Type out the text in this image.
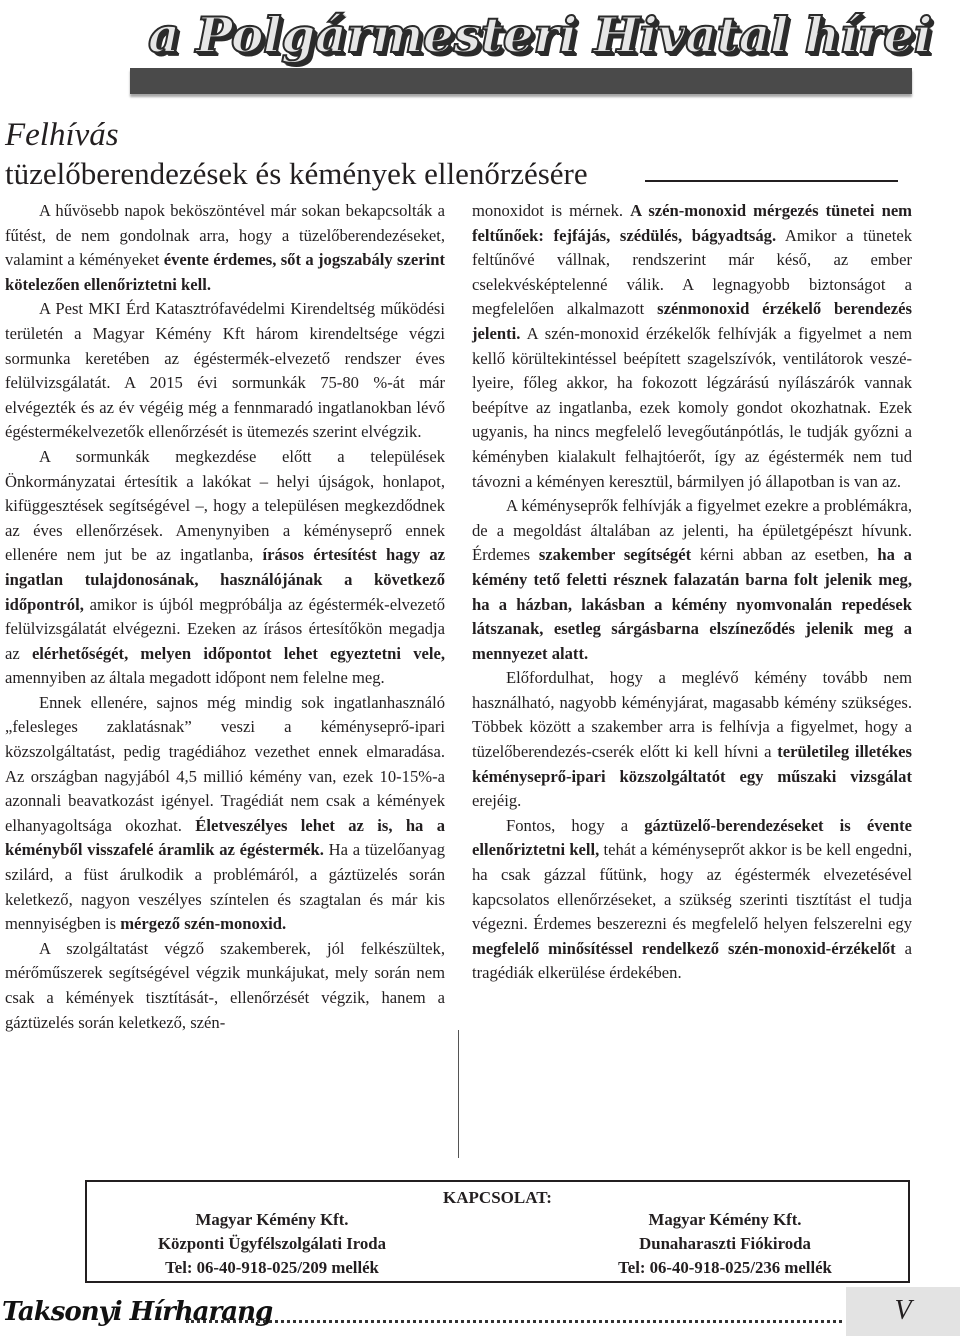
a Polgármesteri Hivatal hírei
Felhívás
tüzelőberendezések és kémények ellenőrzésére

A hűvösebb napok beköszöntével már sokan bekapcsolták a fűtést, de nem gondolnak arra, hogy a tüzelőberendezéseket, valamint a kéményeket évente érdemes, sőt a jogszabály szerint kötelezően ellenőriztetni kell.

A Pest MKI Érd Katasztrófavédelmi Kirendeltség működési területén a Magyar Kémény Kft három kirendeltsége végzi sormunka keretében az égéstermék-elvezető rendszer éves felülvizsgálatát. A 2015 évi sormunkák 75-80 %-át már elvégezték és az év végéig még a fennmaradó ingatlanokban lévő égéstermékelvezetők ellenőrzését is ütemezés szerint elvégzik.

A sormunkák megkezdése előtt a települések Önkormányzatai értesítik a lakókat – helyi újságok, honlapot, kifüggesztések segítségével –, hogy a településen megkezdődnek az éves ellenőrzések. Amenynyiben a kéményseprő ennek ellenére nem jut be az ingatlanba, írásos értesítést hagy az ingatlan tulajdonosának, használójának a következő időpontról, amikor is újból megpróbálja az égéstermék-elvezető felülvizsgálatát elvégezni. Ezeken az írásos értesítőkön megadja az elérhetőségét, melyen időpontot lehet egyeztetni vele, amennyiben az általa megadott időpont nem felelne meg.

Ennek ellenére, sajnos még mindig sok ingatlanhasználó „felesleges zaklatásnak” veszi a kéményseprő-ipari közszolgáltatást, pedig tragédiához vezethet ennek elmaradása. Az országban nagyjából 4,5 millió kémény van, ezek 10-15%-a azonnali beavatkozást igényel. Tragédiát nem csak a kémények elhanyagoltsága okozhat. Életveszélyes lehet az is, ha a kéményből visszafelé áramlik az égéstermék. Ha a tüzelőanyag szilárd, a füst árulkodik a problémáról, a gáztüzelés során keletkező, nagyon veszélyes színtelen és szagtalan és már kis mennyiségben is mérgező szén-monoxid.

A szolgáltatást végző szakemberek, jól felkészültek, mérőműszerek segítségével végzik munkájukat, mely során nem csak a kémények tisztítását-, ellenőrzését végzik, hanem a gáztüzelés során keletkező, szén-

monoxidot is mérnek. A szén-monoxid mérgezés tünetei nem feltűnőek: fejfájás, szédülés, bágyadtság. Amikor a tünetek feltűnővé vállnak, rendszerint már késő, az ember cselekvésképtelenné válik. A legnagyobb biztonságot a megfelelően alkalmazott szénmonoxid érzékelő berendezés jelenti. A szén-monoxid érzékelők felhívják a figyelmet a nem kellő körültekintéssel beépített szagelszívók, ventilátorok veszélyeire, főleg akkor, ha fokozott légzárású nyílászárók vannak beépítve az ingatlanba, ezek komoly gondot okozhatnak. Ezek ugyanis, ha nincs megfelelő levegőutánpótlás, le tudják győzni a kéményben kialakult felhajtóerőt, így az égéstermék nem tud távozni a kéményen keresztül, bármilyen jó állapotban is van az.

A kéményseprők felhívják a figyelmet ezekre a problémákra, de a megoldást általában az jelenti, ha épületgépészt hívunk. Érdemes szakember segítségét kérni abban az esetben, ha a kémény tető feletti résznek falazatán barna folt jelenik meg, ha a házban, lakásban a kémény nyomvonalán repedések látszanak, esetleg sárgásbarna elszíneződés jelenik meg a mennyezet alatt.

Előfordulhat, hogy a meglévő kémény tovább nem használható, nagyobb kéményjárat, magasabb kémény szükséges. Többek között a szakember arra is felhívja a figyelmet, hogy a tüzelőberendezés-cserék előtt ki kell hívni a területileg illetékes kéményseprő-ipari közszolgáltatót egy műszaki vizsgálat erejéig.

Fontos, hogy a gáztüzelő-berendezéseket is évente ellenőriztetni kell, tehát a kéményseprőt akkor is be kell engedni, ha csak gázzal fűtünk, hogy az égéstermék elvezetésével kapcsolatos ellenőrzéseket, a szükség szerinti tisztítást el tudja végezni. Érdemes beszerezni és megfelelő helyen felszerelni egy megfelelő minősítéssel rendelkező szén-monoxid-érzékelőt a tragédiák elkerülése érdekében.

KAPCSOLAT:
Magyar Kémény Kft.
Központi Ügyfélszolgálati Iroda
Tel: 06-40-918-025/209 mellék
Magyar Kémény Kft.
Dunaharaszti Fiókiroda
Tel: 06-40-918-025/236 mellék
Taksonyi Hírharang	V
